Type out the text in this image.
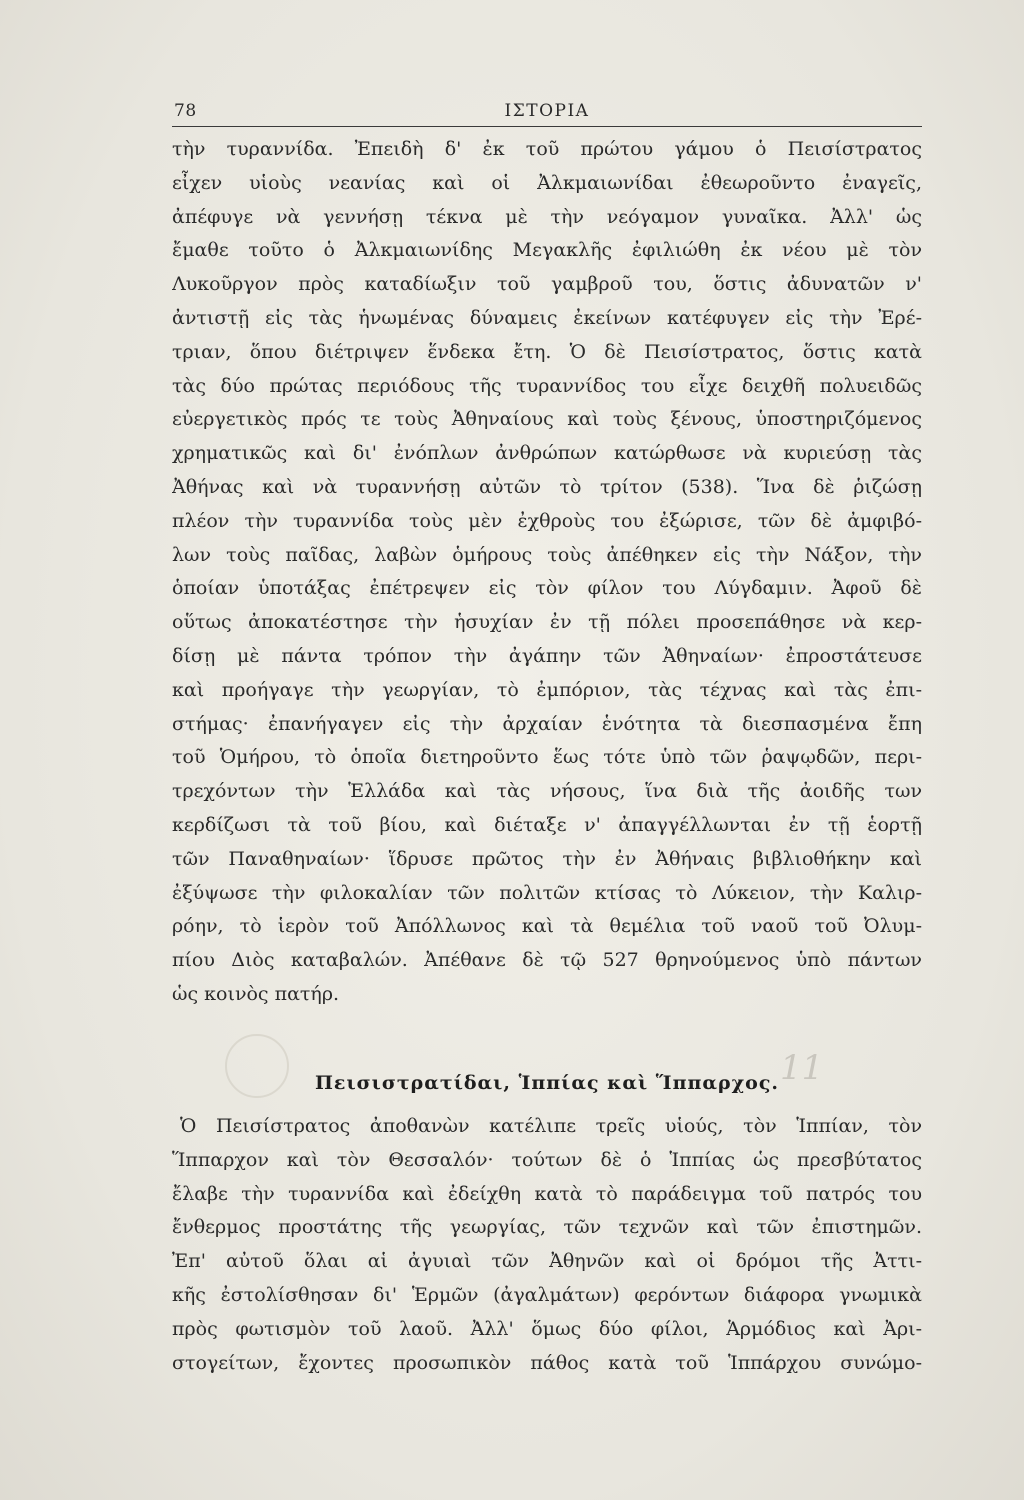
78	ΙΣΤΟΡΙΑ
τὴν τυραννίδα. Ἐπειδὴ δ' ἐκ τοῦ πρώτου γάμου ὁ Πεισίστρατος
εἶχεν υἱοὺς νεανίας καὶ οἱ Ἀλκμαιωνίδαι ἐθεωροῦντο ἐναγεῖς,
ἀπέφυγε νὰ γεννήσῃ τέκνα μὲ τὴν νεόγαμον γυναῖκα. Ἀλλ' ὡς
ἔμαθε τοῦτο ὁ Ἀλκμαιωνίδης Μεγακλῆς ἐφιλιώθη ἐκ νέου μὲ τὸν
Λυκοῦργον πρὸς καταδίωξιν τοῦ γαμβροῦ του, ὅστις ἀδυνατῶν ν'
ἀντιστῇ εἰς τὰς ἡνωμένας δύναμεις ἐκείνων κατέφυγεν εἰς τὴν Ἐρέ-
τριαν, ὅπου διέτριψεν ἕνδεκα ἔτη. Ὁ δὲ Πεισίστρατος, ὅστις κατὰ
τὰς δύο πρώτας περιόδους τῆς τυραννίδος του εἶχε δειχθῆ πολυειδῶς
εὐεργετικὸς πρός τε τοὺς Ἀθηναίους καὶ τοὺς ξένους, ὑποστηριζόμενος
χρηματικῶς καὶ δι' ἐνόπλων ἀνθρώπων κατώρθωσε νὰ κυριεύσῃ τὰς
Ἀθήνας καὶ νὰ τυραννήσῃ αὐτῶν τὸ τρίτον (538). Ἵνα δὲ ῥιζώσῃ
πλέον τὴν τυραννίδα τοὺς μὲν ἐχθροὺς του ἐξώρισε, τῶν δὲ ἀμφιβό-
λων τοὺς παῖδας, λαβὼν ὁμήρους τοὺς ἀπέθηκεν εἰς τὴν Νάξον, τὴν
ὁποίαν ὑποτάξας ἐπέτρεψεν εἰς τὸν φίλον του Λύγδαμιν. Ἀφοῦ δὲ
οὕτως ἀποκατέστησε τὴν ἡσυχίαν ἐν τῇ πόλει προσεπάθησε νὰ κερ-
δίσῃ μὲ πάντα τρόπον τὴν ἀγάπην τῶν Ἀθηναίων· ἐπροστάτευσε
καὶ προήγαγε τὴν γεωργίαν, τὸ ἐμπόριον, τὰς τέχνας καὶ τὰς ἐπι-
στήμας· ἐπανήγαγεν εἰς τὴν ἀρχαίαν ἑνότητα τὰ διεσπασμένα ἔπη
τοῦ Ὁμήρου, τὸ ὁποῖα διετηροῦντο ἕως τότε ὑπὸ τῶν ῥαψῳδῶν, περι-
τρεχόντων τὴν Ἑλλάδα καὶ τὰς νήσους, ἵνα διὰ τῆς ἀοιδῆς των
κερδίζωσι τὰ τοῦ βίου, καὶ διέταξε ν' ἀπαγγέλλωνται ἐν τῇ ἑορτῇ
τῶν Παναθηναίων· ἵδρυσε πρῶτος τὴν ἐν Ἀθήναις βιβλιοθήκην καὶ
ἐξύψωσε τὴν φιλοκαλίαν τῶν πολιτῶν κτίσας τὸ Λύκειον, τὴν Καλιρ-
ρόην, τὸ ἱερὸν τοῦ Ἀπόλλωνος καὶ τὰ θεμέλια τοῦ ναοῦ τοῦ Ὀλυμ-
πίου Διὸς καταβαλών. Ἀπέθανε δὲ τῷ 527 θρηνούμενος ὑπὸ πάντων
ὡς κοινὸς πατήρ.
11
Πεισιστρατίδαι, Ἱππίας καὶ Ἵππαρχος.
Ὁ Πεισίστρατος ἀποθανὼν κατέλιπε τρεῖς υἱούς, τὸν Ἱππίαν, τὸν
Ἵππαρχον καὶ τὸν Θεσσαλόν· τούτων δὲ ὁ Ἱππίας ὡς πρεσβύτατος
ἔλαβε τὴν τυραννίδα καὶ ἐδείχθη κατὰ τὸ παράδειγμα τοῦ πατρός του
ἔνθερμος προστάτης τῆς γεωργίας, τῶν τεχνῶν καὶ τῶν ἐπιστημῶν.
Ἐπ' αὐτοῦ ὅλαι αἱ ἀγυιαὶ τῶν Ἀθηνῶν καὶ οἱ δρόμοι τῆς Ἀττι-
κῆς ἐστολίσθησαν δι' Ἑρμῶν (ἀγαλμάτων) φερόντων διάφορα γνωμικὰ
πρὸς φωτισμὸν τοῦ λαοῦ. Ἀλλ' ὅμως δύο φίλοι, Ἁρμόδιος καὶ Ἀρι-
στογείτων, ἔχοντες προσωπικὸν πάθος κατὰ τοῦ Ἱππάρχου συνώμο-
